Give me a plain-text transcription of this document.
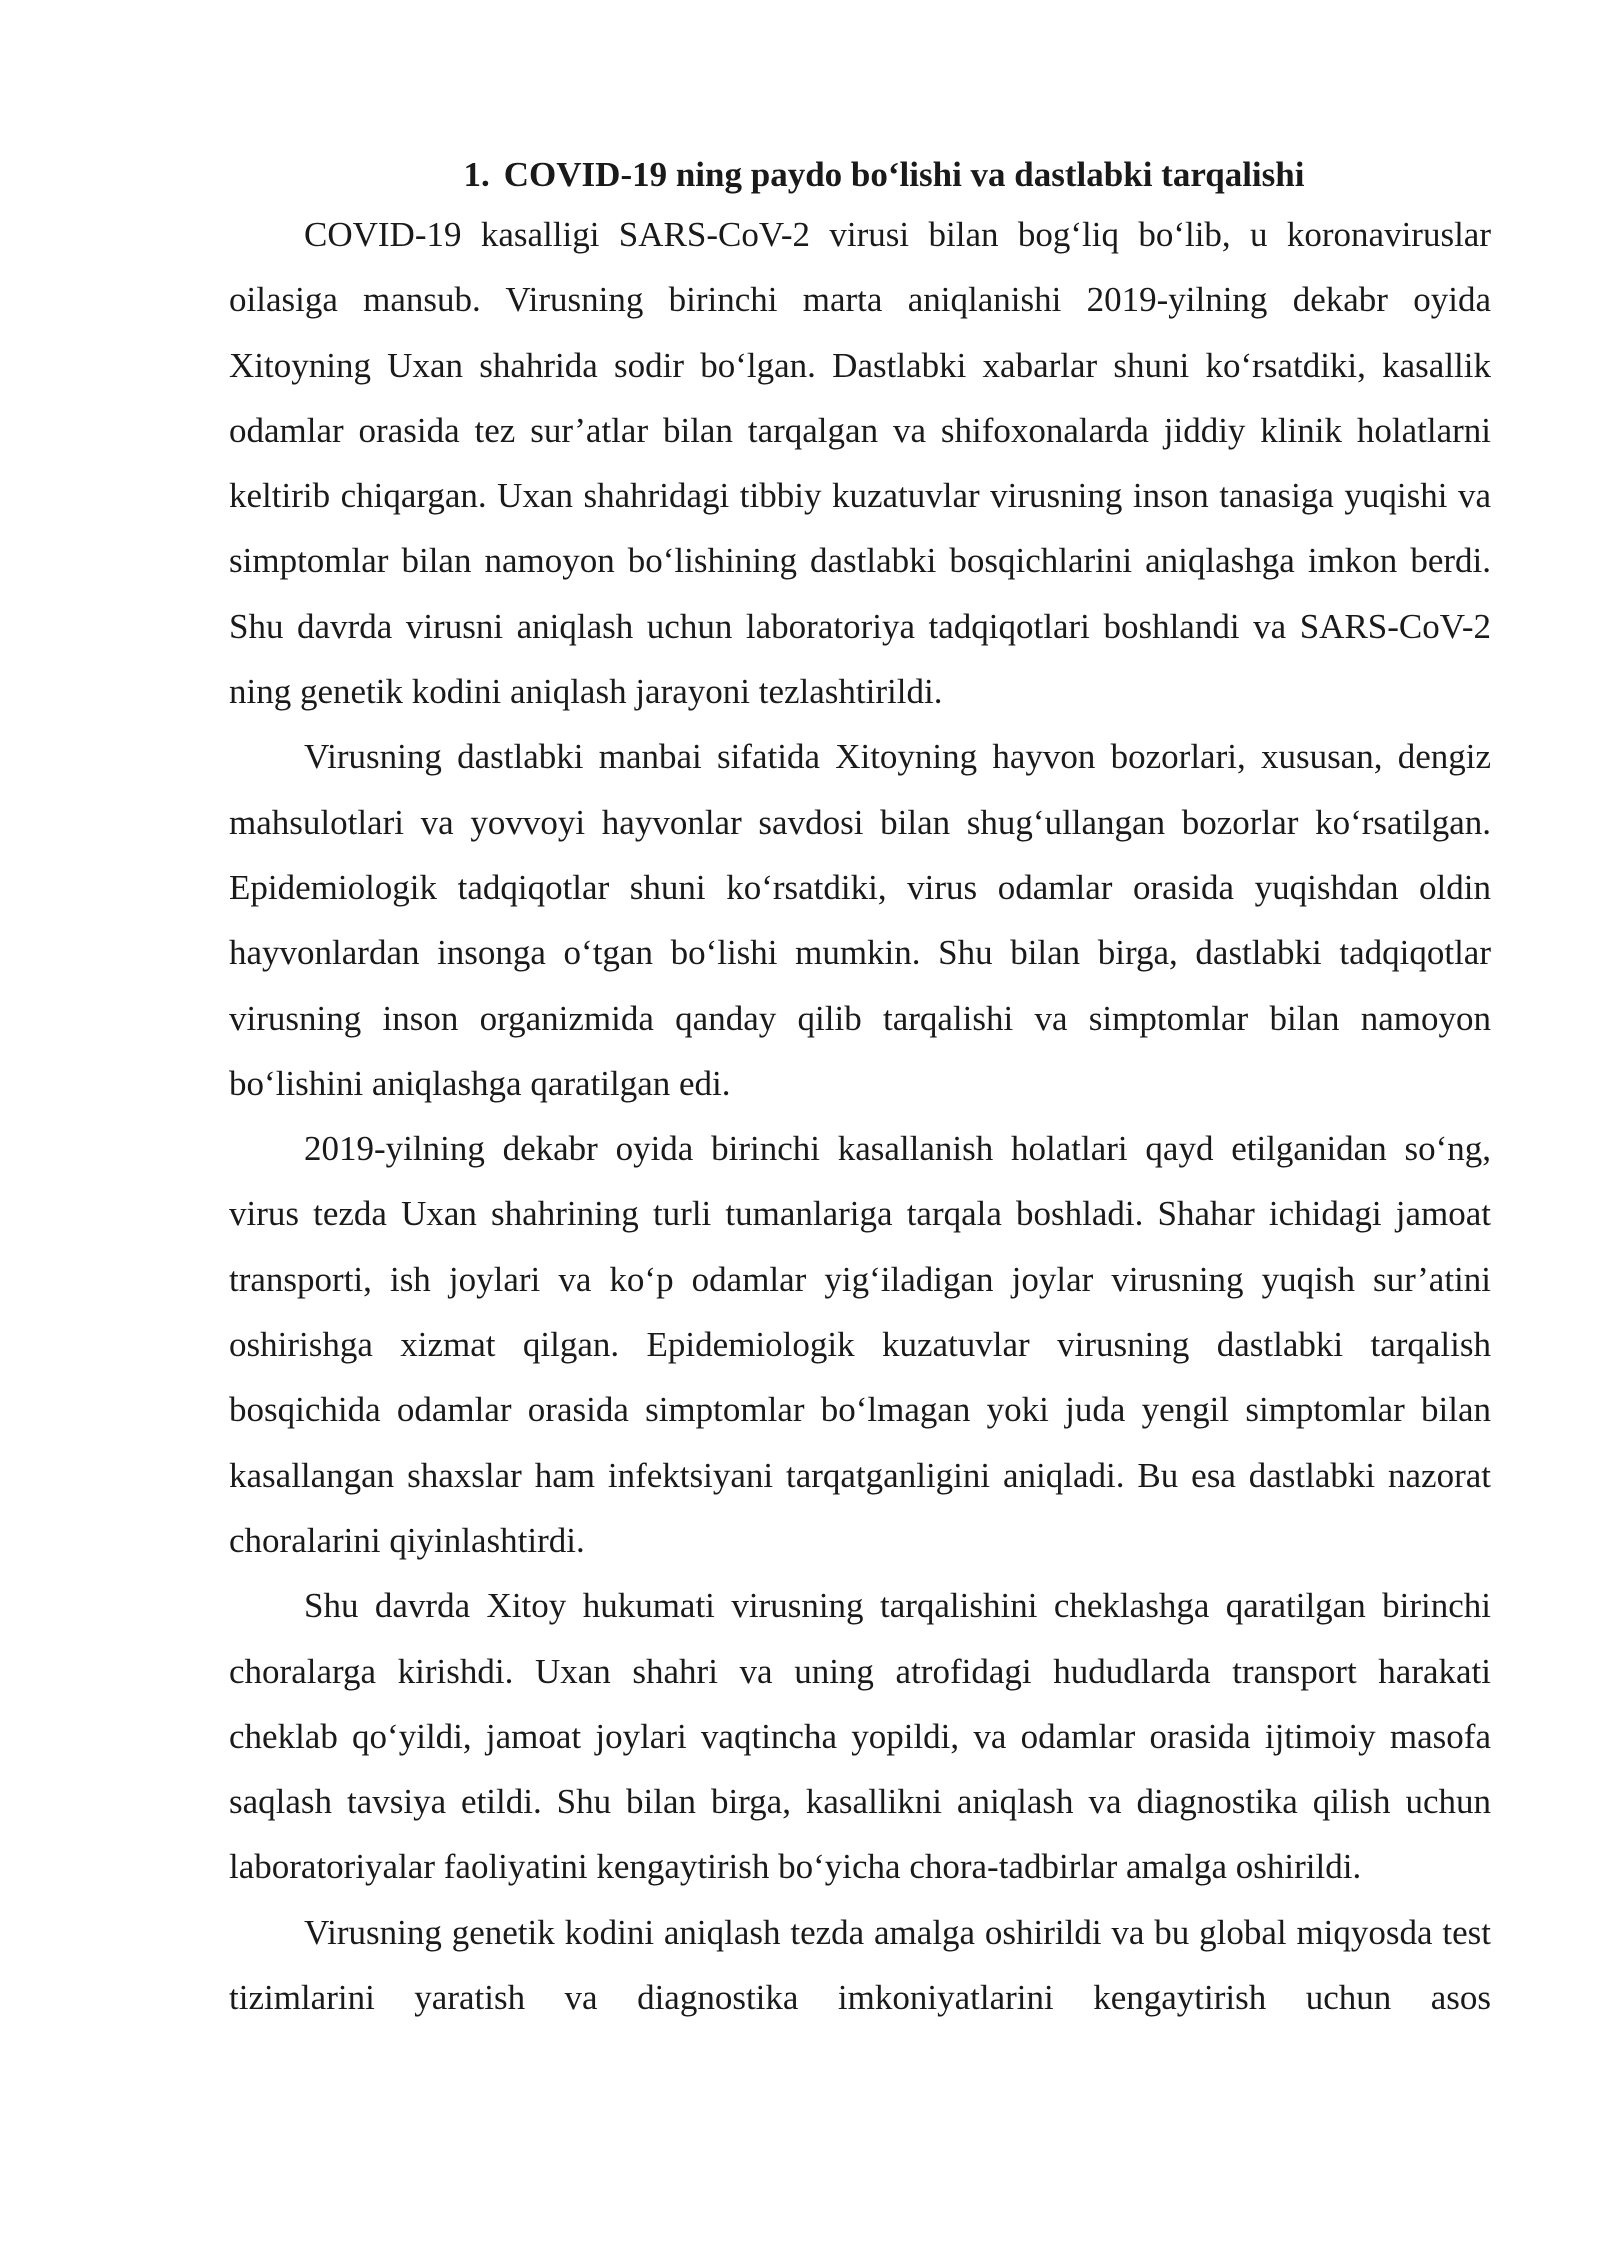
1. COVID-19 ning paydo bo‘lishi va dastlabki tarqalishi

COVID-19 kasalligi SARS-CoV-2 virusi bilan bog‘liq bo‘lib, u koronaviruslar oilasiga mansub. Virusning birinchi marta aniqlanishi 2019-yilning dekabr oyida Xitoyning Uxan shahrida sodir bo‘lgan. Dastlabki xabarlar shuni ko‘rsatdiki, kasallik odamlar orasida tez sur’atlar bilan tarqalgan va shifoxonalarda jiddiy klinik holatlarni keltirib chiqargan. Uxan shahridagi tibbiy kuzatuvlar virusning inson tanasiga yuqishi va simptomlar bilan namoyon bo‘lishining dastlabki bosqichlarini aniqlashga imkon berdi. Shu davrda virusni aniqlash uchun laboratoriya tadqiqotlari boshlandi va SARS-CoV-2 ning genetik kodini aniqlash jarayoni tezlashtirildi.

Virusning dastlabki manbai sifatida Xitoyning hayvon bozorlari, xususan, dengiz mahsulotlari va yovvoyi hayvonlar savdosi bilan shug‘ullangan bozorlar ko‘rsatilgan. Epidemiologik tadqiqotlar shuni ko‘rsatdiki, virus odamlar orasida yuqishdan oldin hayvonlardan insonga o‘tgan bo‘lishi mumkin. Shu bilan birga, dastlabki tadqiqotlar virusning inson organizmida qanday qilib tarqalishi va simptomlar bilan namoyon bo‘lishini aniqlashga qaratilgan edi.

2019-yilning dekabr oyida birinchi kasallanish holatlari qayd etilganidan so‘ng, virus tezda Uxan shahrining turli tumanlariga tarqala boshladi. Shahar ichidagi jamoat transporti, ish joylari va ko‘p odamlar yig‘iladigan joylar virusning yuqish sur’atini oshirishga xizmat qilgan. Epidemiologik kuzatuvlar virusning dastlabki tarqalish bosqichida odamlar orasida simptomlar bo‘lmagan yoki juda yengil simptomlar bilan kasallangan shaxslar ham infektsiyani tarqatganligini aniqladi. Bu esa dastlabki nazorat choralarini qiyinlashtirdi.

Shu davrda Xitoy hukumati virusning tarqalishini cheklashga qaratilgan birinchi choralarga kirishdi. Uxan shahri va uning atrofidagi hududlarda transport harakati cheklab qo‘yildi, jamoat joylari vaqtincha yopildi, va odamlar orasida ijtimoiy masofa saqlash tavsiya etildi. Shu bilan birga, kasallikni aniqlash va diagnostika qilish uchun laboratoriyalar faoliyatini kengaytirish bo‘yicha chora-tadbirlar amalga oshirildi.

Virusning genetik kodini aniqlash tezda amalga oshirildi va bu global miqyosda test tizimlarini yaratish va diagnostika imkoniyatlarini kengaytirish uchun asos
